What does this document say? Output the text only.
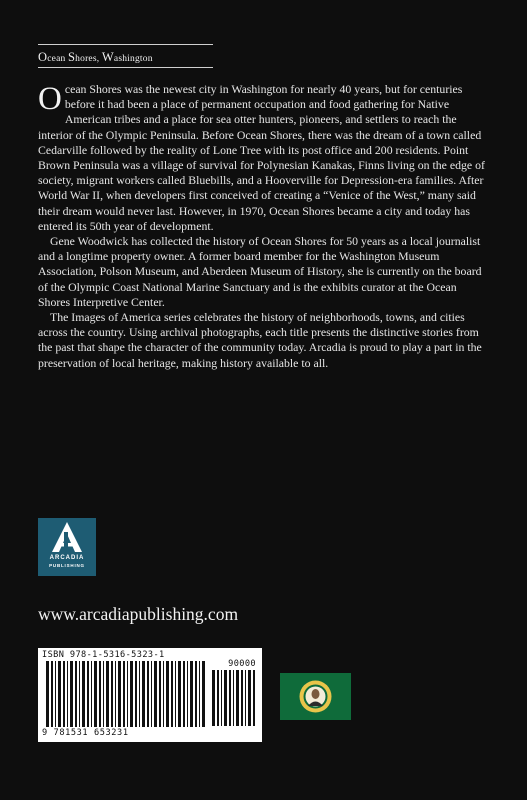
Ocean Shores, Washington

Ocean Shores was the newest city in Washington for nearly 40 years, but for centuries before it had been a place of permanent occupation and food gathering for Native American tribes and a place for sea otter hunters, pioneers, and settlers to reach the interior of the Olympic Peninsula. Before Ocean Shores, there was the dream of a town called Cedarville followed by the reality of Lone Tree with its post office and 200 residents. Point Brown Peninsula was a village of survival for Polynesian Kanakas, Finns living on the edge of society, migrant workers called Bluebills, and a Hooverville for Depression-era families. After World War II, when developers first conceived of creating a “Venice of the West,” many said their dream would never last. However, in 1970, Ocean Shores became a city and today has entered its 50th year of development.

Gene Woodwick has collected the history of Ocean Shores for 50 years as a local journalist and a longtime property owner. A former board member for the Washington Museum Association, Polson Museum, and Aberdeen Museum of History, she is currently on the board of the Olympic Coast National Marine Sanctuary and is the exhibits curator at the Ocean Shores Interpretive Center.

The Images of America series celebrates the history of neighborhoods, towns, and cities across the country. Using archival photographs, each title presents the distinctive stories from the past that shape the character of the community today. Arcadia is proud to play a part in the preservation of local heritage, making history available to all.

ARCADIA
PUBLISHING
www.arcadiapublishing.com
ISBN 978-1-5316-5323-1
90000
9 781531 653231
